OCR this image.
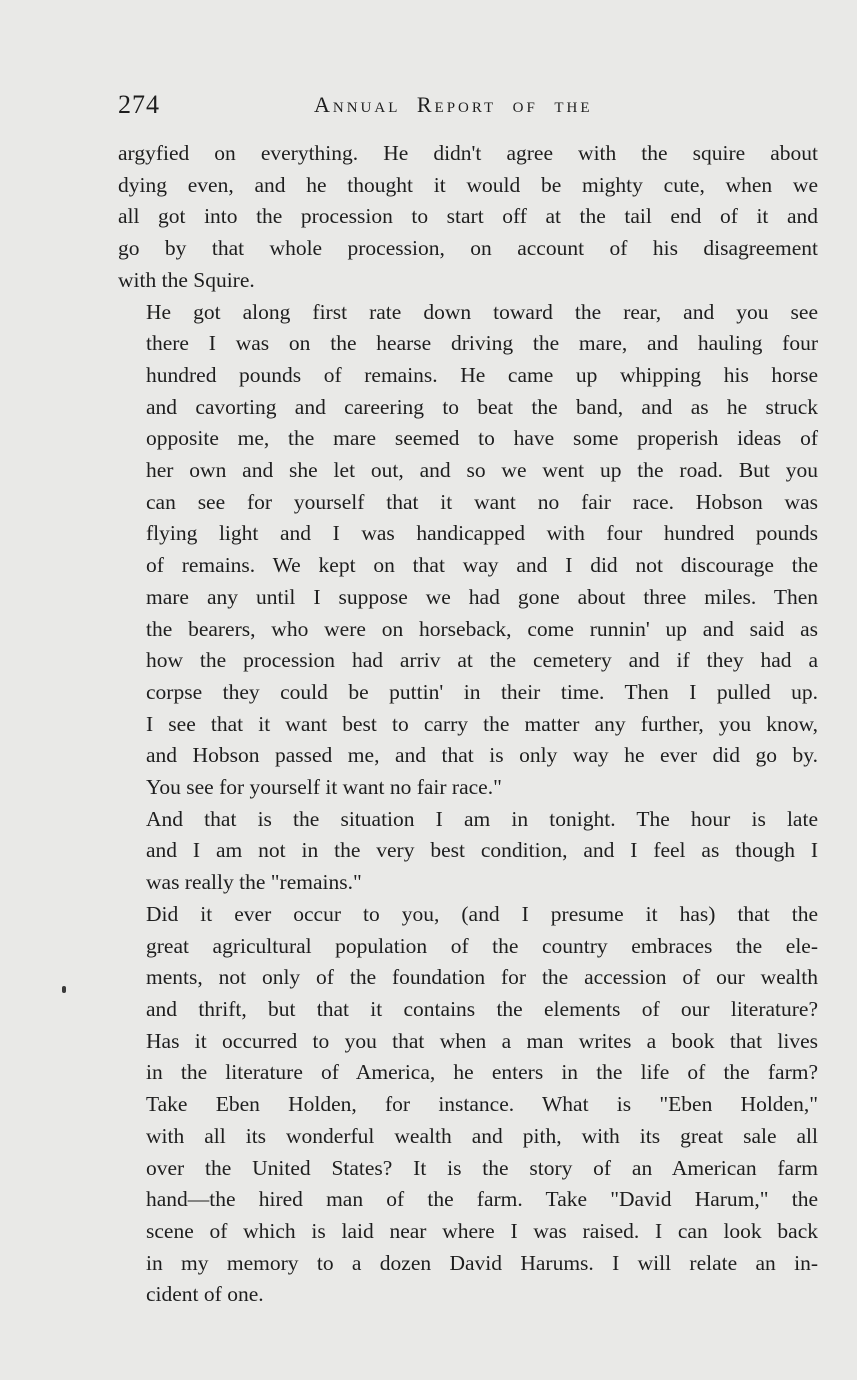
274	Annual Report of the

argyfied on everything. He didn't agree with the squire about
dying even, and he thought it would be mighty cute, when we
all got into the procession to start off at the tail end of it and
go by that whole procession, on account of his disagreement
with the Squire.

He got along first rate down toward the rear, and you see
there I was on the hearse driving the mare, and hauling four
hundred pounds of remains. He came up whipping his horse
and cavorting and careering to beat the band, and as he struck
opposite me, the mare seemed to have some properish ideas of
her own and she let out, and so we went up the road. But you
can see for yourself that it want no fair race. Hobson was
flying light and I was handicapped with four hundred pounds
of remains. We kept on that way and I did not discourage the
mare any until I suppose we had gone about three miles. Then
the bearers, who were on horseback, come runnin' up and said as
how the procession had arriv at the cemetery and if they had a
corpse they could be puttin' in their time. Then I pulled up.
I see that it want best to carry the matter any further, you know,
and Hobson passed me, and that is only way he ever did go by.
You see for yourself it want no fair race."

And that is the situation I am in tonight. The hour is late
and I am not in the very best condition, and I feel as though I
was really the "remains."

Did it ever occur to you, (and I presume it has) that the
great agricultural population of the country embraces the ele-
ments, not only of the foundation for the accession of our wealth
and thrift, but that it contains the elements of our literature?
Has it occurred to you that when a man writes a book that lives
in the literature of America, he enters in the life of the farm?
Take Eben Holden, for instance. What is "Eben Holden,"
with all its wonderful wealth and pith, with its great sale all
over the United States? It is the story of an American farm
hand—the hired man of the farm. Take "David Harum," the
scene of which is laid near where I was raised. I can look back
in my memory to a dozen David Harums. I will relate an in-
cident of one.
